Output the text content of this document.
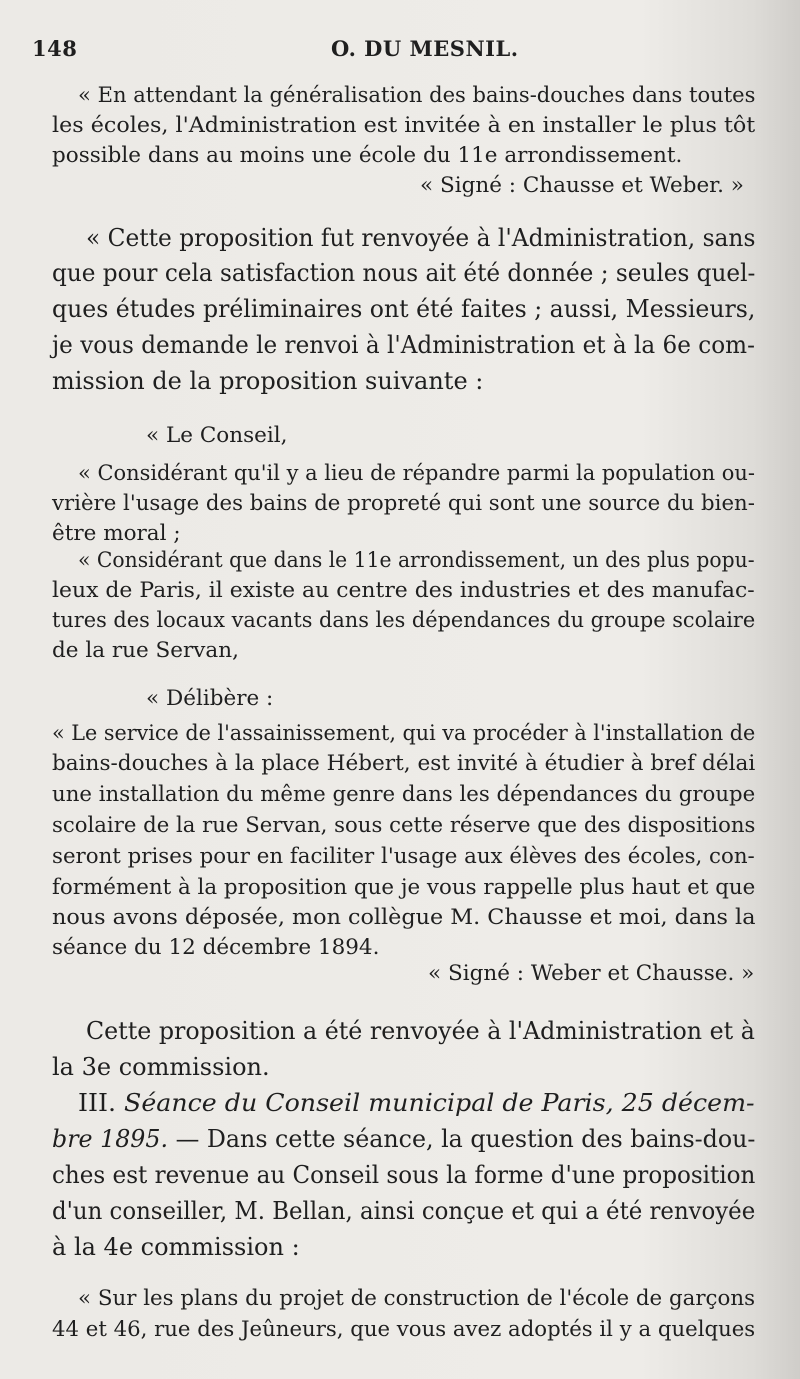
148	O. DU MESNIL.
« En attendant la généralisation des bains-douches dans toutes
les écoles, l'Administration est invitée à en installer le plus tôt
possible dans au moins une école du 11e arrondissement.
« Signé : Chausse et Weber. »
« Cette proposition fut renvoyée à l'Administration, sans
que pour cela satisfaction nous ait été donnée ; seules quel-
ques études préliminaires ont été faites ; aussi, Messieurs,
je vous demande le renvoi à l'Administration et à la 6e com-
mission de la proposition suivante :
« Le Conseil,
« Considérant qu'il y a lieu de répandre parmi la population ou-
vrière l'usage des bains de propreté qui sont une source du bien-
être moral ;
« Considérant que dans le 11e arrondissement, un des plus popu-
leux de Paris, il existe au centre des industries et des manufac-
tures des locaux vacants dans les dépendances du groupe scolaire
de la rue Servan,
« Délibère :
« Le service de l'assainissement, qui va procéder à l'installation de
bains-douches à la place Hébert, est invité à étudier à bref délai
une installation du même genre dans les dépendances du groupe
scolaire de la rue Servan, sous cette réserve que des dispositions
seront prises pour en faciliter l'usage aux élèves des écoles, con-
formément à la proposition que je vous rappelle plus haut et que
nous avons déposée, mon collègue M. Chausse et moi, dans la
séance du 12 décembre 1894.
« Signé : Weber et Chausse. »
Cette proposition a été renvoyée à l'Administration et à
la 3e commission.
III. Séance du Conseil municipal de Paris, 25 décem-
bre 1895. — Dans cette séance, la question des bains-dou-
ches est revenue au Conseil sous la forme d'une proposition
d'un conseiller, M. Bellan, ainsi conçue et qui a été renvoyée
à la 4e commission :
« Sur les plans du projet de construction de l'école de garçons
44 et 46, rue des Jeûneurs, que vous avez adoptés il y a quelques
